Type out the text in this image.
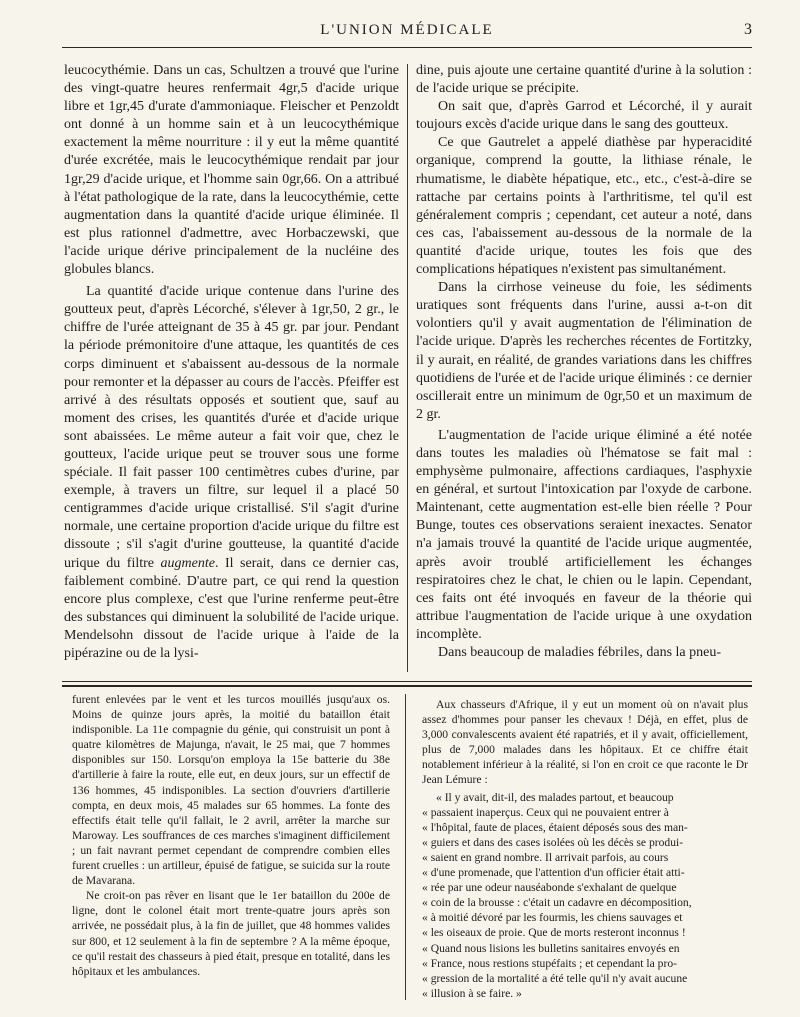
L'UNION MÉDICALE	3

leucocythémie. Dans un cas, Schultzen a trouvé que l'urine des vingt-quatre heures renfermait 4gr,5 d'acide urique libre et 1gr,45 d'urate d'ammoniaque. Fleischer et Penzoldt ont donné à un homme sain et à un leucocythémique exactement la même nourriture : il y eut la même quantité d'urée excrétée, mais le leucocythémique rendait par jour 1gr,29 d'acide urique, et l'homme sain 0gr,66. On a attribué à l'état pathologique de la rate, dans la leucocythémie, cette augmentation dans la quantité d'acide urique éliminée. Il est plus rationnel d'admettre, avec Horbaczewski, que l'acide urique dérive principalement de la nucléine des globules blancs.

La quantité d'acide urique contenue dans l'urine des goutteux peut, d'après Lécorché, s'élever à 1gr,50, 2 gr., le chiffre de l'urée atteignant de 35 à 45 gr. par jour. Pendant la période prémonitoire d'une attaque, les quantités de ces corps diminuent et s'abaissent au-dessous de la normale pour remonter et la dépasser au cours de l'accès. Pfeiffer est arrivé à des résultats opposés et soutient que, sauf au moment des crises, les quantités d'urée et d'acide urique sont abaissées. Le même auteur a fait voir que, chez le goutteux, l'acide urique peut se trouver sous une forme spéciale. Il fait passer 100 centimètres cubes d'urine, par exemple, à travers un filtre, sur lequel il a placé 50 centigrammes d'acide urique cristallisé. S'il s'agit d'urine normale, une certaine proportion d'acide urique du filtre est dissoute ; s'il s'agit d'urine goutteuse, la quantité d'acide urique du filtre augmente. Il serait, dans ce dernier cas, faiblement combiné. D'autre part, ce qui rend la question encore plus complexe, c'est que l'urine renferme peut-être des substances qui diminuent la solubilité de l'acide urique. Mendelsohn dissout de l'acide urique à l'aide de la pipérazine ou de la lysi-

dine, puis ajoute une certaine quantité d'urine à la solution : de l'acide urique se précipite.

On sait que, d'après Garrod et Lécorché, il y aurait toujours excès d'acide urique dans le sang des goutteux.

Ce que Gautrelet a appelé diathèse par hyperacidité organique, comprend la goutte, la lithiase rénale, le rhumatisme, le diabète hépatique, etc., etc., c'est-à-dire se rattache par certains points à l'arthritisme, tel qu'il est généralement compris ; cependant, cet auteur a noté, dans ces cas, l'abaissement au-dessous de la normale de la quantité d'acide urique, toutes les fois que des complications hépatiques n'existent pas simultanément.

Dans la cirrhose veineuse du foie, les sédiments uratiques sont fréquents dans l'urine, aussi a-t-on dit volontiers qu'il y avait augmentation de l'élimination de l'acide urique. D'après les recherches récentes de Fortitzky, il y aurait, en réalité, de grandes variations dans les chiffres quotidiens de l'urée et de l'acide urique éliminés : ce dernier oscillerait entre un minimum de 0gr,50 et un maximum de 2 gr.

L'augmentation de l'acide urique éliminé a été notée dans toutes les maladies où l'hématose se fait mal : emphysème pulmonaire, affections cardiaques, l'asphyxie en général, et surtout l'intoxication par l'oxyde de carbone. Maintenant, cette augmentation est-elle bien réelle ? Pour Bunge, toutes ces observations seraient inexactes. Senator n'a jamais trouvé la quantité de l'acide urique augmentée, après avoir troublé artificiellement les échanges respiratoires chez le chat, le chien ou le lapin. Cependant, ces faits ont été invoqués en faveur de la théorie qui attribue l'augmentation de l'acide urique à une oxydation incomplète.

Dans beaucoup de maladies fébriles, dans la pneu-

furent enlevées par le vent et les turcos mouillés jusqu'aux os. Moins de quinze jours après, la moitié du bataillon était indisponible. La 11e compagnie du génie, qui construisit un pont à quatre kilomètres de Majunga, n'avait, le 25 mai, que 7 hommes disponibles sur 150. Lorsqu'on employa la 15e batterie du 38e d'artillerie à faire la route, elle eut, en deux jours, sur un effectif de 136 hommes, 45 indisponibles. La section d'ouvriers d'artillerie compta, en deux mois, 45 malades sur 65 hommes. La fonte des effectifs était telle qu'il fallait, le 2 avril, arrêter la marche sur Maroway. Les souffrances de ces marches s'imaginent difficilement ; un fait navrant permet cependant de comprendre combien elles furent cruelles : un artilleur, épuisé de fatigue, se suicida sur la route de Mavarana.

Ne croit-on pas rêver en lisant que le 1er bataillon du 200e de ligne, dont le colonel était mort trente-quatre jours après son arrivée, ne possédait plus, à la fin de juillet, que 48 hommes valides sur 800, et 12 seulement à la fin de septembre ? A la même époque, ce qu'il restait des chasseurs à pied était, presque en totalité, dans les hôpitaux et les ambulances.

Aux chasseurs d'Afrique, il y eut un moment où on n'avait plus assez d'hommes pour panser les chevaux ! Déjà, en effet, plus de 3,000 convalescents avaient été rapatriés, et il y avait, officiellement, plus de 7,000 malades dans les hôpitaux. Et ce chiffre était notablement inférieur à la réalité, si l'on en croit ce que raconte le Dr Jean Lémure :

« Il y avait, dit-il, des malades partout, et beaucoup

« passaient inaperçus. Ceux qui ne pouvaient entrer à

« l'hôpital, faute de places, étaient déposés sous des man-

« guiers et dans des cases isolées où les décès se produi-

« saient en grand nombre. Il arrivait parfois, au cours

« d'une promenade, que l'attention d'un officier était atti-

« rée par une odeur nauséabonde s'exhalant de quelque

« coin de la brousse : c'était un cadavre en décomposition,

« à moitié dévoré par les fourmis, les chiens sauvages et

« les oiseaux de proie. Que de morts resteront inconnus !

« Quand nous lisions les bulletins sanitaires envoyés en

« France, nous restions stupéfaits ; et cependant la pro-

« gression de la mortalité a été telle qu'il n'y avait aucune

« illusion à se faire. »
